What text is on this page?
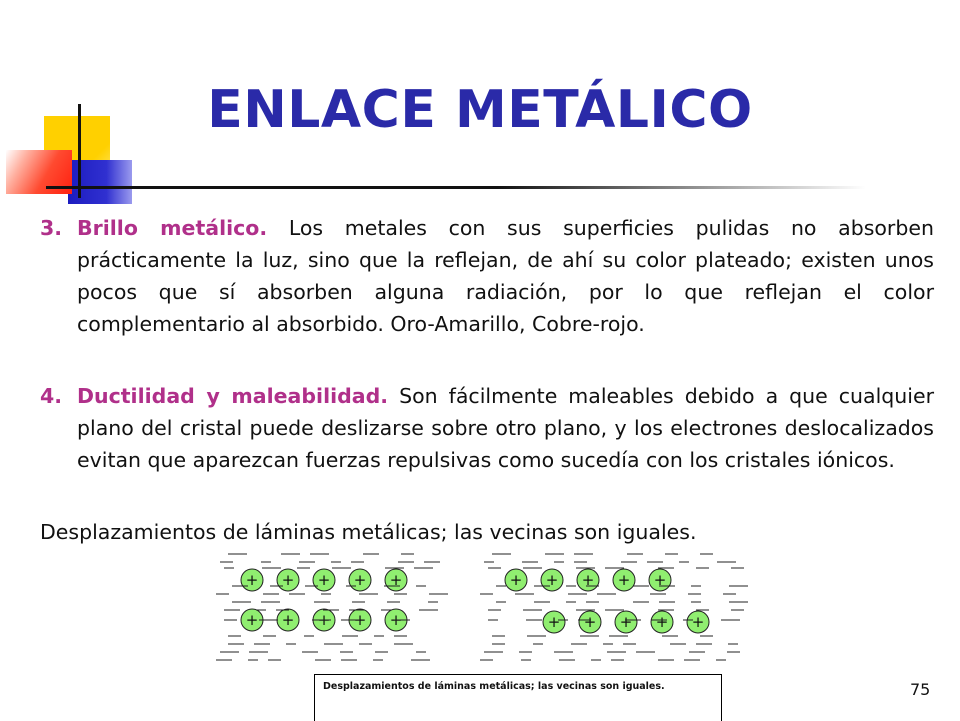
ENLACE METÁLICO
3. Brillo metálico. Los metales con sus superficies pulidas no absorben prácticamente la luz, sino que la reflejan, de ahí su color plateado; existen unos pocos que sí absorben alguna radiación, por lo que reflejan el color complementario al absorbido. Oro-Amarillo, Cobre-rojo.
4. Ductilidad y maleabilidad. Son fácilmente maleables debido a que cualquier plano del cristal puede deslizarse sobre otro plano, y los electrones deslocalizados evitan que aparezcan fuerzas repulsivas como sucedía con los cristales iónicos.
Desplazamientos de láminas metálicas; las vecinas son iguales.
+ + + + +
+ + + + +
+ + + + +
+ + + + +
Desplazamientos de láminas metálicas; las vecinas son iguales.	75
